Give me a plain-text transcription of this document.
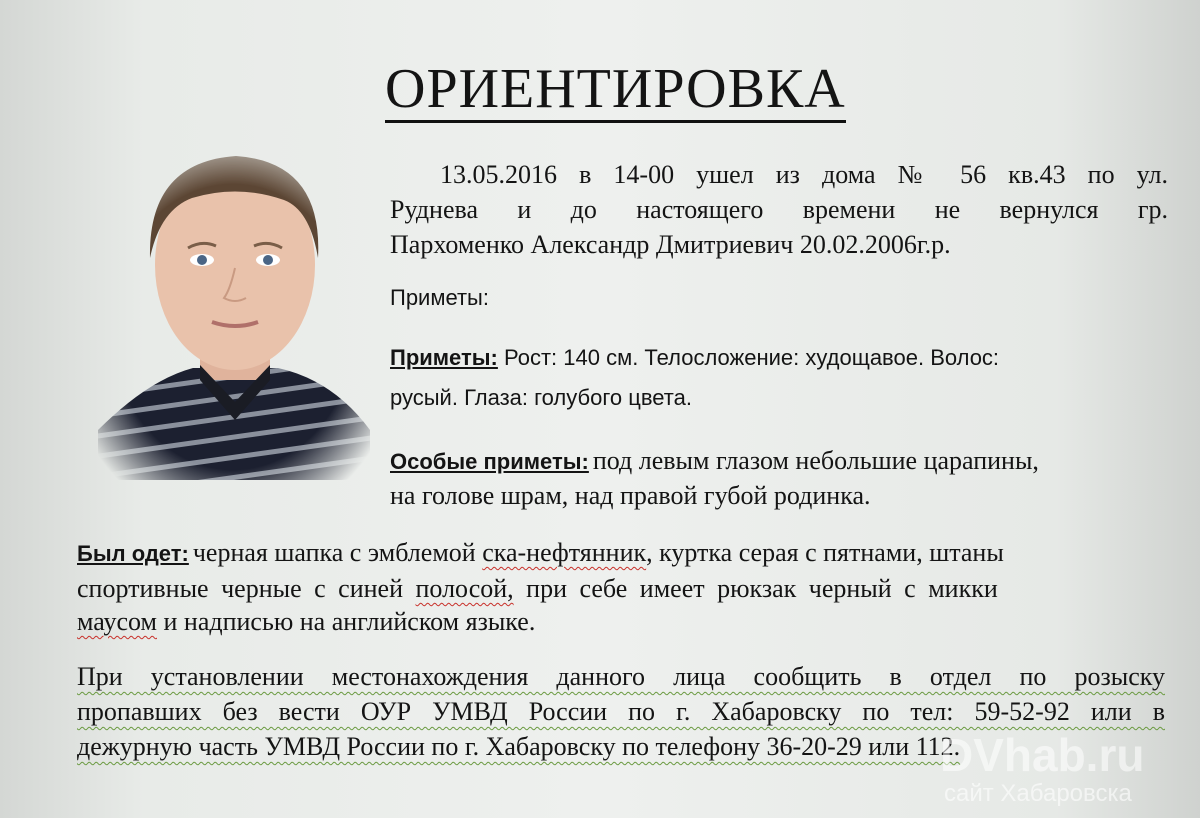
ОРИЕНТИРОВКА

13.05.2016 в 14-00 ушел из дома № 56 кв.43 по ул.

Руднева и до настоящего времени не вернулся гр.

Пархоменко Александр Дмитриевич 20.02.2006г.р.

Приметы:

Приметы: Рост: 140 см. Телосложение: худощавое. Волос:

русый. Глаза: голубого цвета.

Особые приметы: под левым глазом небольшие царапины,

на голове шрам, над правой губой родинка.

Был одет: черная шапка с эмблемой ска-нефтянник, куртка серая с пятнами, штаны
спортивные черные с синей полосой, при себе имеет рюкзак черный с микки
маусом и надписью на английском языке.

При установлении местонахождения данного лица сообщить в отдел по розыску

пропавших без вести ОУР УМВД России по г. Хабаровску по тел: 59-52-92 или в

дежурную часть УМВД России по г. Хабаровску по телефону 36-20-29 или 112.

DVhab.ru

сайт Хабаровска
